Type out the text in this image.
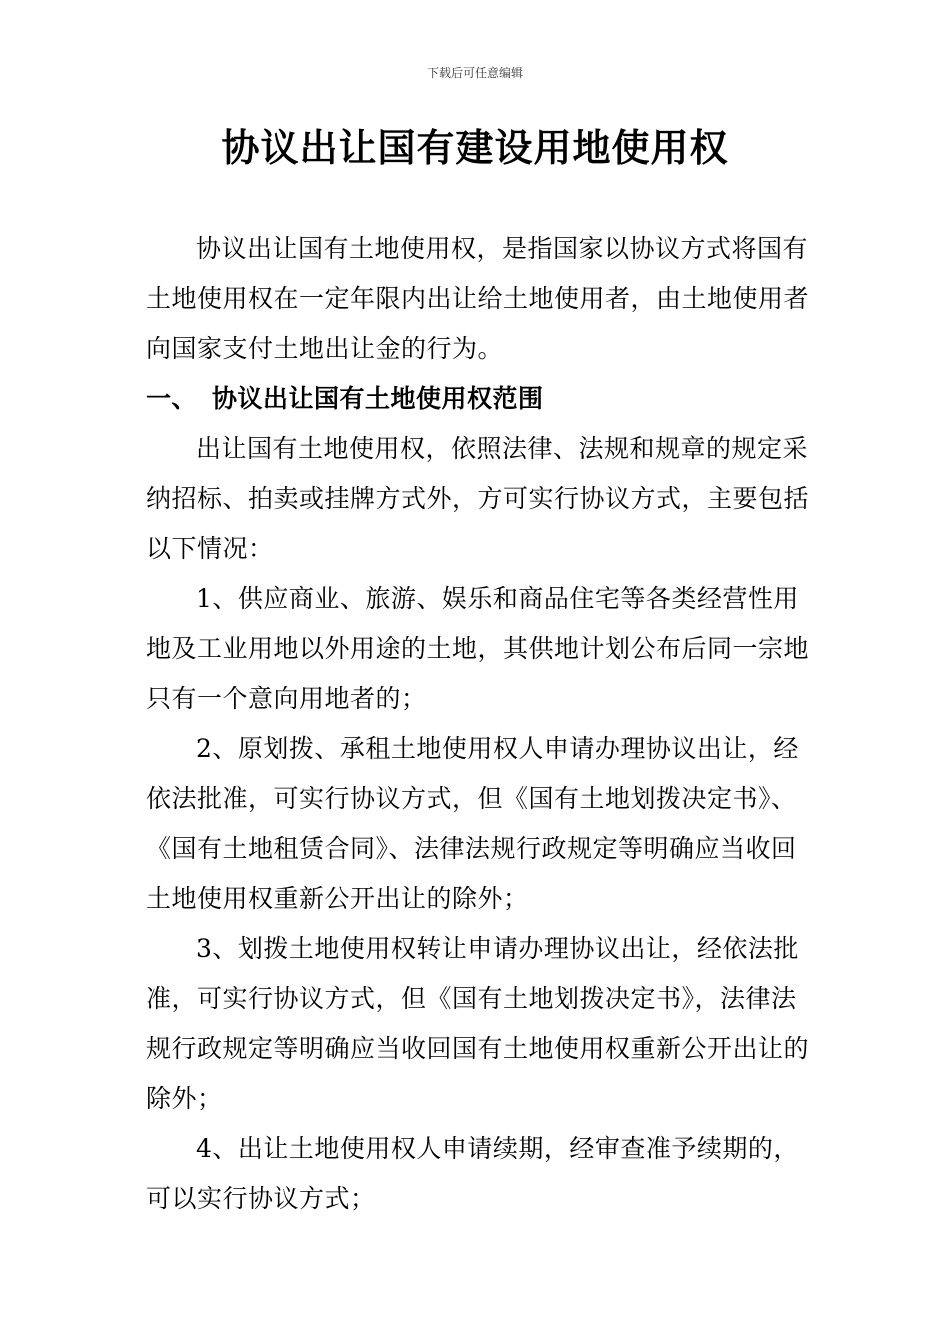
下载后可任意编辑
协议出让国有建设用地使用权

协议出让国有土地使用权，是指国家以协议方式将国有土地使用权在一定年限内出让给土地使用者，由土地使用者向国家支付土地出让金的行为。

一、 协议出让国有土地使用权范围

出让国有土地使用权，依照法律、法规和规章的规定采纳招标、拍卖或挂牌方式外，方可实行协议方式，主要包括以下情况：

1、供应商业、旅游、娱乐和商品住宅等各类经营性用地及工业用地以外用途的土地，其供地计划公布后同一宗地只有一个意向用地者的；

2、原划拨、承租土地使用权人申请办理协议出让，经依法批准，可实行协议方式，但《国有土地划拨决定书》、《国有土地租赁合同》、法律法规行政规定等明确应当收回土地使用权重新公开出让的除外；

3、划拨土地使用权转让申请办理协议出让，经依法批准，可实行协议方式，但《国有土地划拨决定书》，法律法规行政规定等明确应当收回国有土地使用权重新公开出让的除外；

4、出让土地使用权人申请续期，经审查准予续期的，可以实行协议方式；
